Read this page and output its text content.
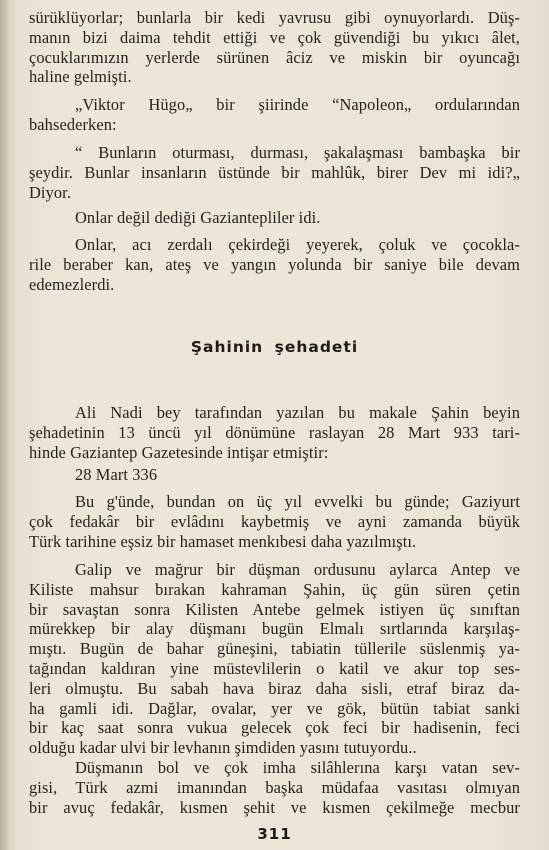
sürüklüyorlar; bunlarla bir kedi yavrusu gibi oynuyorlardı. Düş-
manın bizi daima tehdit ettiği ve çok güvendiği bu yıkıcı âlet,
çocuklarımızın yerlerde sürünen âciz ve miskin bir oyuncağı
haline gelmişti.
„Viktor Hügo„ bir şiirinde “Napoleon„ ordularından
bahsederken:
“ Bunların oturması, durması, şakalaşması bambaşka bir
şeydir. Bunlar insanların üstünde bir mahlûk, birer Dev mi idi?„
Diyor.
Onlar değil dediği Gaziantepliler idi.
Onlar, acı zerdalı çekirdeği yeyerek, çoluk ve çocokla-
rile beraber kan, ateş ve yangın yolunda bir saniye bile devam
edemezlerdi.
Şahinin şehadeti
Ali Nadi bey tarafından yazılan bu makale Şahin beyin
şehadetinin 13 üncü yıl dönümüne raslayan 28 Mart 933 tari-
hinde Gaziantep Gazetesinde intişar etmiştir:
28 Mart 336
Bu g'ünde, bundan on üç yıl evvelki bu günde; Gaziyurt
çok fedakâr bir evlâdını kaybetmiş ve ayni zamanda büyük
Türk tarihine eşsiz bir hamaset menkıbesi daha yazılmıştı.
Galip ve mağrur bir düşman ordusunu aylarca Antep ve
Kiliste mahsur bırakan kahraman Şahin, üç gün süren çetin
bir savaştan sonra Kilisten Antebe gelmek istiyen üç sınıftan
mürekkep bir alay düşmanı bugün Elmalı sırtlarında karşılaş-
mıştı. Bugün de bahar güneşini, tabiatin tüllerile süslenmiş ya-
tağından kaldıran yine müstevlilerin o katil ve akur top ses-
leri olmuştu. Bu sabah hava biraz daha sisli, etraf biraz da-
ha gamli idi. Dağlar, ovalar, yer ve gök, bütün tabiat sanki
bir kaç saat sonra vukua gelecek çok feci bir hadisenin, feci
olduğu kadar ulvi bir levhanın şimdiden yasını tutuyordu..
Düşmanın bol ve çok imha silâhlerına karşı vatan sev-
gisi, Türk azmi imanından başka müdafaa vasıtası olmıyan
bir avuç fedakâr, kısmen şehit ve kısmen çekilmeğe mecbur
311
